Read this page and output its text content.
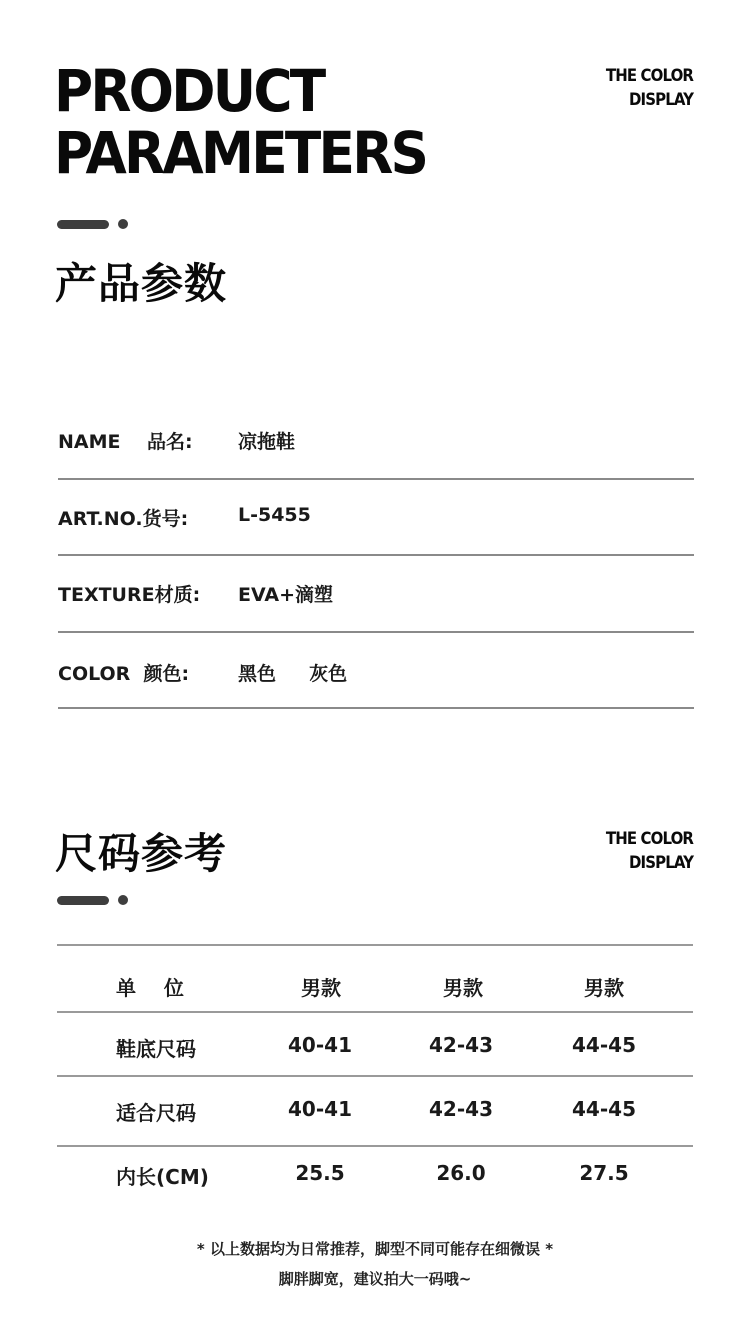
PRODUCT
PARAMETERS
THE COLOR
DISPLAY
产品参数
NAME    品名: 凉拖鞋
ART.NO.货号:	L-5455
TEXTURE材质: EVA+滴塑
COLOR  颜色:	黑色     灰色
尺码参考	THE COLOR
DISPLAY
单    位	男款	男款	男款
鞋底尺码	40-41	42-43	44-45
适合尺码	40-41	42-43	44-45
内长(CM)	25.5	26.0	27.5
* 以上数据均为日常推荐，脚型不同可能存在细微误 *
脚胖脚宽，建议拍大一码哦~
